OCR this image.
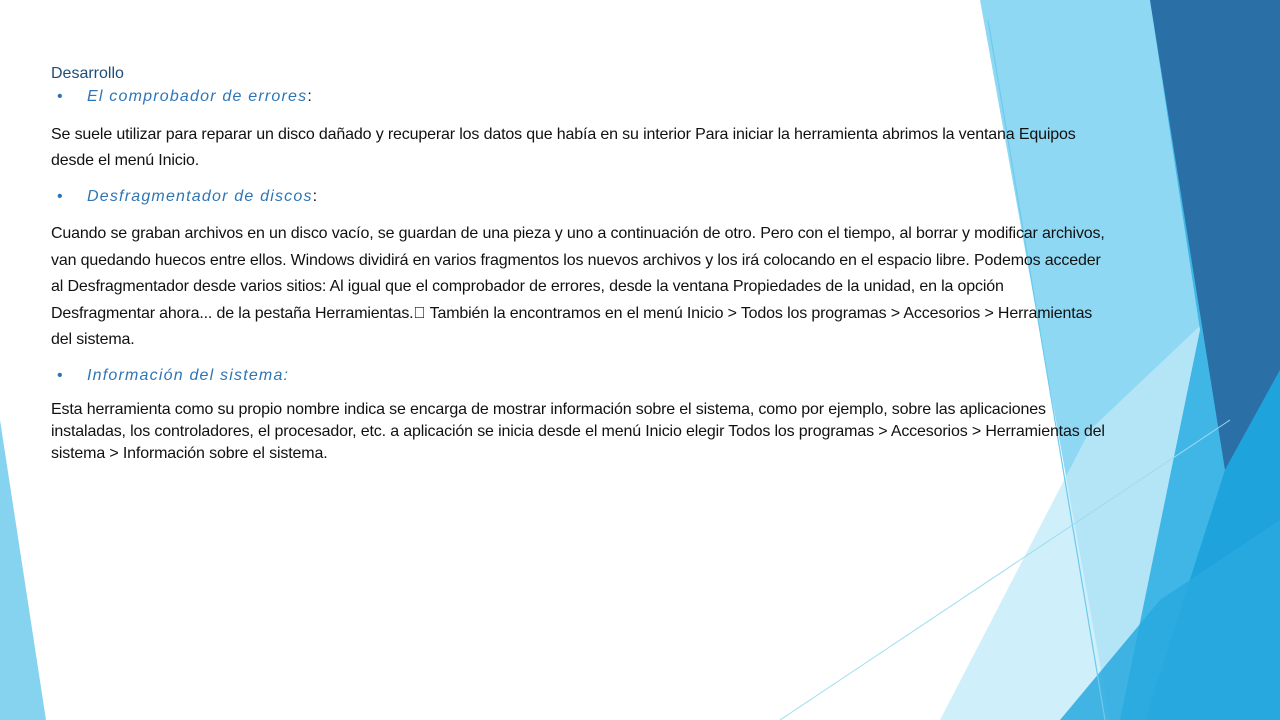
Desarrollo

• El comprobador de errores:

Se suele utilizar para reparar un disco dañado y recuperar los datos que había en su interior Para iniciar la herramienta abrimos la ventana Equipos desde el menú Inicio.

• Desfragmentador de discos:

Cuando se graban archivos en un disco vacío, se guardan de una pieza y uno a continuación de otro. Pero con el tiempo, al borrar y modificar archivos, van quedando huecos entre ellos. Windows dividirá en varios fragmentos los nuevos archivos y los irá colocando en el espacio libre. Podemos acceder al Desfragmentador desde varios sitios: Al igual que el comprobador de errores, desde la ventana Propiedades de la unidad, en la opción Desfragmentar ahora... de la pestaña Herramientas. También la encontramos en el menú Inicio > Todos los programas > Accesorios > Herramientas del sistema.

• Información del sistema:

Esta herramienta como su propio nombre indica se encarga de mostrar información sobre el sistema, como por ejemplo, sobre las aplicaciones instaladas, los controladores, el procesador, etc. a aplicación se inicia desde el menú Inicio elegir Todos los programas > Accesorios > Herramientas del sistema > Información sobre el sistema.
